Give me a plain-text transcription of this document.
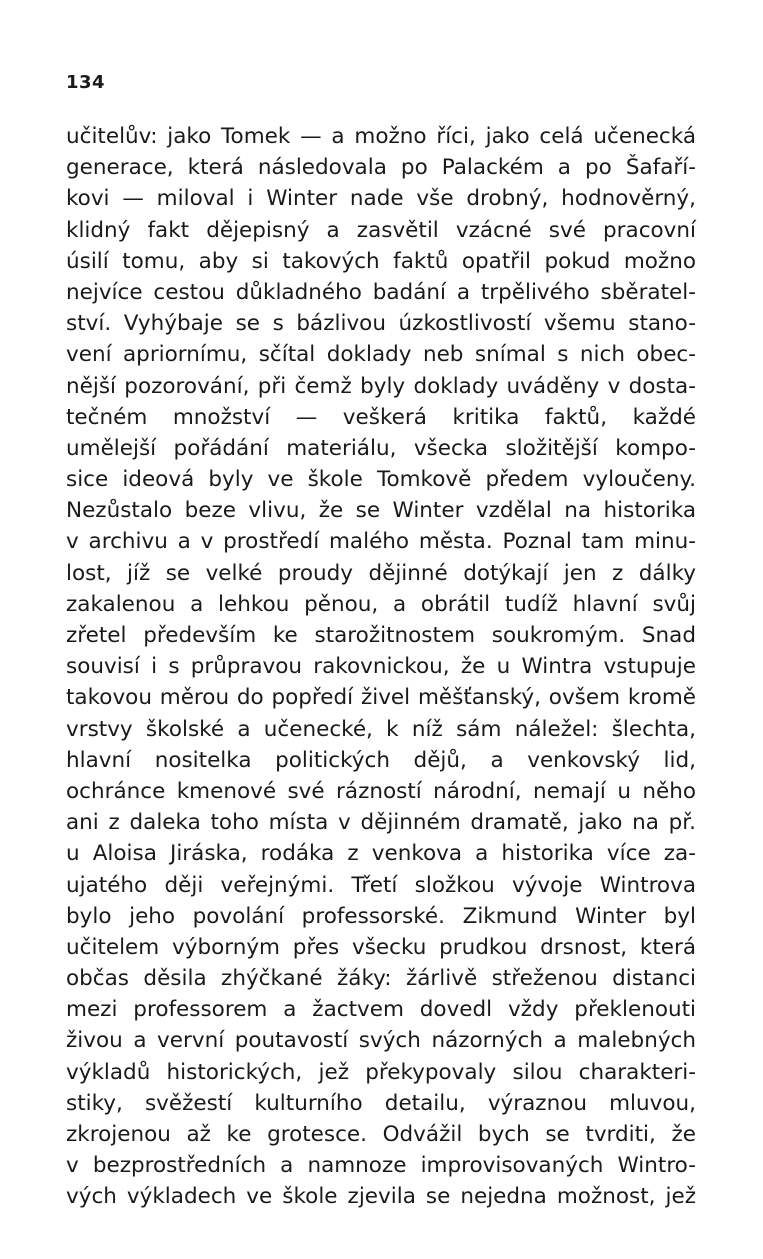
134
učitelův: jako Tomek — a možno říci, jako celá učenecká
generace, která následovala po Palackém a po Šafaří-
kovi — miloval i Winter nade vše drobný, hodnověrný,
klidný fakt dějepisný a zasvětil vzácné své pracovní
úsilí tomu, aby si takových faktů opatřil pokud možno
nejvíce cestou důkladného badání a trpělivého sběratel-
ství. Vyhýbaje se s bázlivou úzkostlivostí všemu stano-
vení apriornímu, sčítal doklady neb snímal s nich obec-
nější pozorování, při čemž byly doklady uváděny v dosta-
tečném množství — veškerá kritika faktů, každé
umělejší pořádání materiálu, všecka složitější kompo-
sice ideová byly ve škole Tomkově předem vyloučeny.
Nezůstalo beze vlivu, že se Winter vzdělal na historika
v archivu a v prostředí malého města. Poznal tam minu-
lost, jíž se velké proudy dějinné dotýkají jen z dálky
zakalenou a lehkou pěnou, a obrátil tudíž hlavní svůj
zřetel především ke starožitnostem soukromým. Snad
souvisí i s průpravou rakovnickou, že u Wintra vstupuje
takovou měrou do popředí živel měšťanský, ovšem kromě
vrstvy školské a učenecké, k níž sám náležel: šlechta,
hlavní nositelka politických dějů, a venkovský lid,
ochránce kmenové své rázností národní, nemají u něho
ani z daleka toho místa v dějinném dramatě, jako na př.
u Aloisa Jiráska, rodáka z venkova a historika více za-
ujatého ději veřejnými. Třetí složkou vývoje Wintrova
bylo jeho povolání professorské. Zikmund Winter byl
učitelem výborným přes všecku prudkou drsnost, která
občas děsila zhýčkané žáky: žárlivě střeženou distanci
mezi professorem a žactvem dovedl vždy překlenouti
živou a vervní poutavostí svých názorných a malebných
výkladů historických, jež překypovaly silou charakteri-
stiky, svěžestí kulturního detailu, výraznou mluvou,
zkrojenou až ke grotesce. Odvážil bych se tvrditi, že
v bezprostředních a namnoze improvisovaných Wintro-
vých výkladech ve škole zjevila se nejedna možnost, jež
